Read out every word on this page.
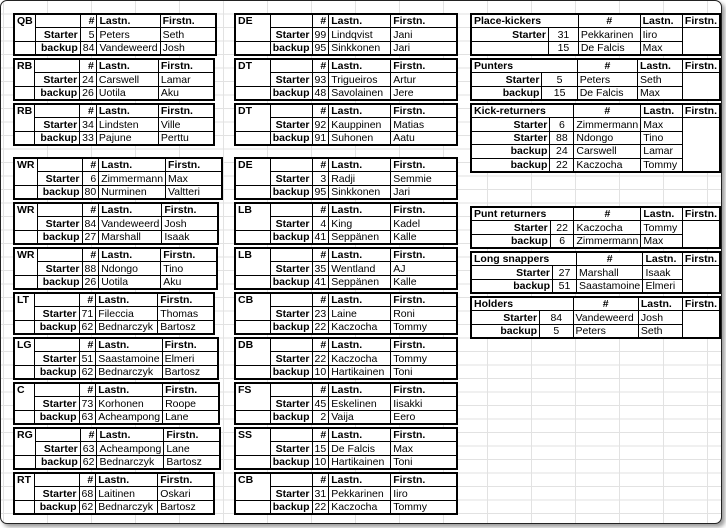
QB		#	Lastn.	Firstn.
	Starter	5	Peters	Seth
	backup	84	Vandeweerd	Josh
RB		#	Lastn.	Firstn.
	Starter	24	Carswell	Lamar
	backup	26	Uotila	Aku
RB		#	Lastn.	Firstn.
	Starter	34	Lindsten	Ville
	backup	33	Pajune	Perttu
WR		#	Lastn.	Firstn.
	Starter	6	Zimmermann	Max
	backup	80	Nurminen	Valtteri
WR		#	Lastn.	Firstn.
	Starter	84	Vandeweerd	Josh
	backup	27	Marshall	Isaak
WR		#	Lastn.	Firstn.
	Starter	88	Ndongo	Tino
	backup	26	Uotila	Aku
LT		#	Lastn.	Firstn.
	Starter	71	Fileccia	Thomas
	backup	62	Bednarczyk	Bartosz
LG		#	Lastn.	Firstn.
	Starter	51	Saastamoine	Elmeri
	backup	62	Bednarczyk	Bartosz
C		#	Lastn.	Firstn.
	Starter	73	Korhonen	Roope
	backup	63	Acheampong	Lane
RG		#	Lastn.	Firstn.
	Starter	63	Acheampong	Lane
	backup	62	Bednarczyk	Bartosz
RT		#	Lastn.	Firstn.
	Starter	68	Laitinen	Oskari
	backup	62	Bednarczyk	Bartosz
DE		#	Lastn.	Firstn.
	Starter	99	Lindqvist	Jani
	backup	95	Sinkkonen	Jari
DT		#	Lastn.	Firstn.
	Starter	93	Trigueiros	Artur
	backup	48	Savolainen	Jere
DT		#	Lastn.	Firstn.
	Starter	92	Kauppinen	Matias
	backup	91	Suhonen	Aatu
DE		#	Lastn.	Firstn.
	Starter	3	Radji	Semmie
	backup	95	Sinkkonen	Jari
LB		#	Lastn.	Firstn.
	Starter	4	King	Kadel
	backup	41	Seppänen	Kalle
LB		#	Lastn.	Firstn.
	Starter	35	Wentland	AJ
	backup	41	Seppänen	Kalle
CB		#	Lastn.	Firstn.
	Starter	23	Laine	Roni
	backup	22	Kaczocha	Tommy
DB		#	Lastn.	Firstn.
	Starter	22	Kaczocha	Tommy
	backup	10	Hartikainen	Toni
FS		#	Lastn.	Firstn.
	Starter	45	Eskelinen	Iisakki
	backup	2	Vaija	Eero
SS		#	Lastn.	Firstn.
	Starter	15	De Falcis	Max
	backup	10	Hartikainen	Toni
CB		#	Lastn.	Firstn.
	Starter	31	Pekkarinen	Iiro
	backup	22	Kaczocha	Tommy
Place-kickers			#	Lastn.	Firstn.
	Starter	31	Pekkarinen	Iiro	
		15	De Falcis	Max	
Punters			#	Lastn.	Firstn.
	Starter	5	Peters	Seth	
	backup	15	De Falcis	Max	
Kick-returners			#	Lastn.	Firstn.
	Starter	6	Zimmermann	Max	
	Starter	88	Ndongo	Tino	
	backup	24	Carswell	Lamar	
	backup	22	Kaczocha	Tommy	
Punt returners			#	Lastn.	Firstn.
	Starter	22	Kaczocha	Tommy	
	backup	6	Zimmermann	Max	
Long snappers			#	Lastn.	Firstn.
	Starter	27	Marshall	Isaak	
	backup	51	Saastamoine	Elmeri	
Holders			#	Lastn.	Firstn.
	Starter	84	Vandeweerd	Josh	
	backup	5	Peters	Seth	
